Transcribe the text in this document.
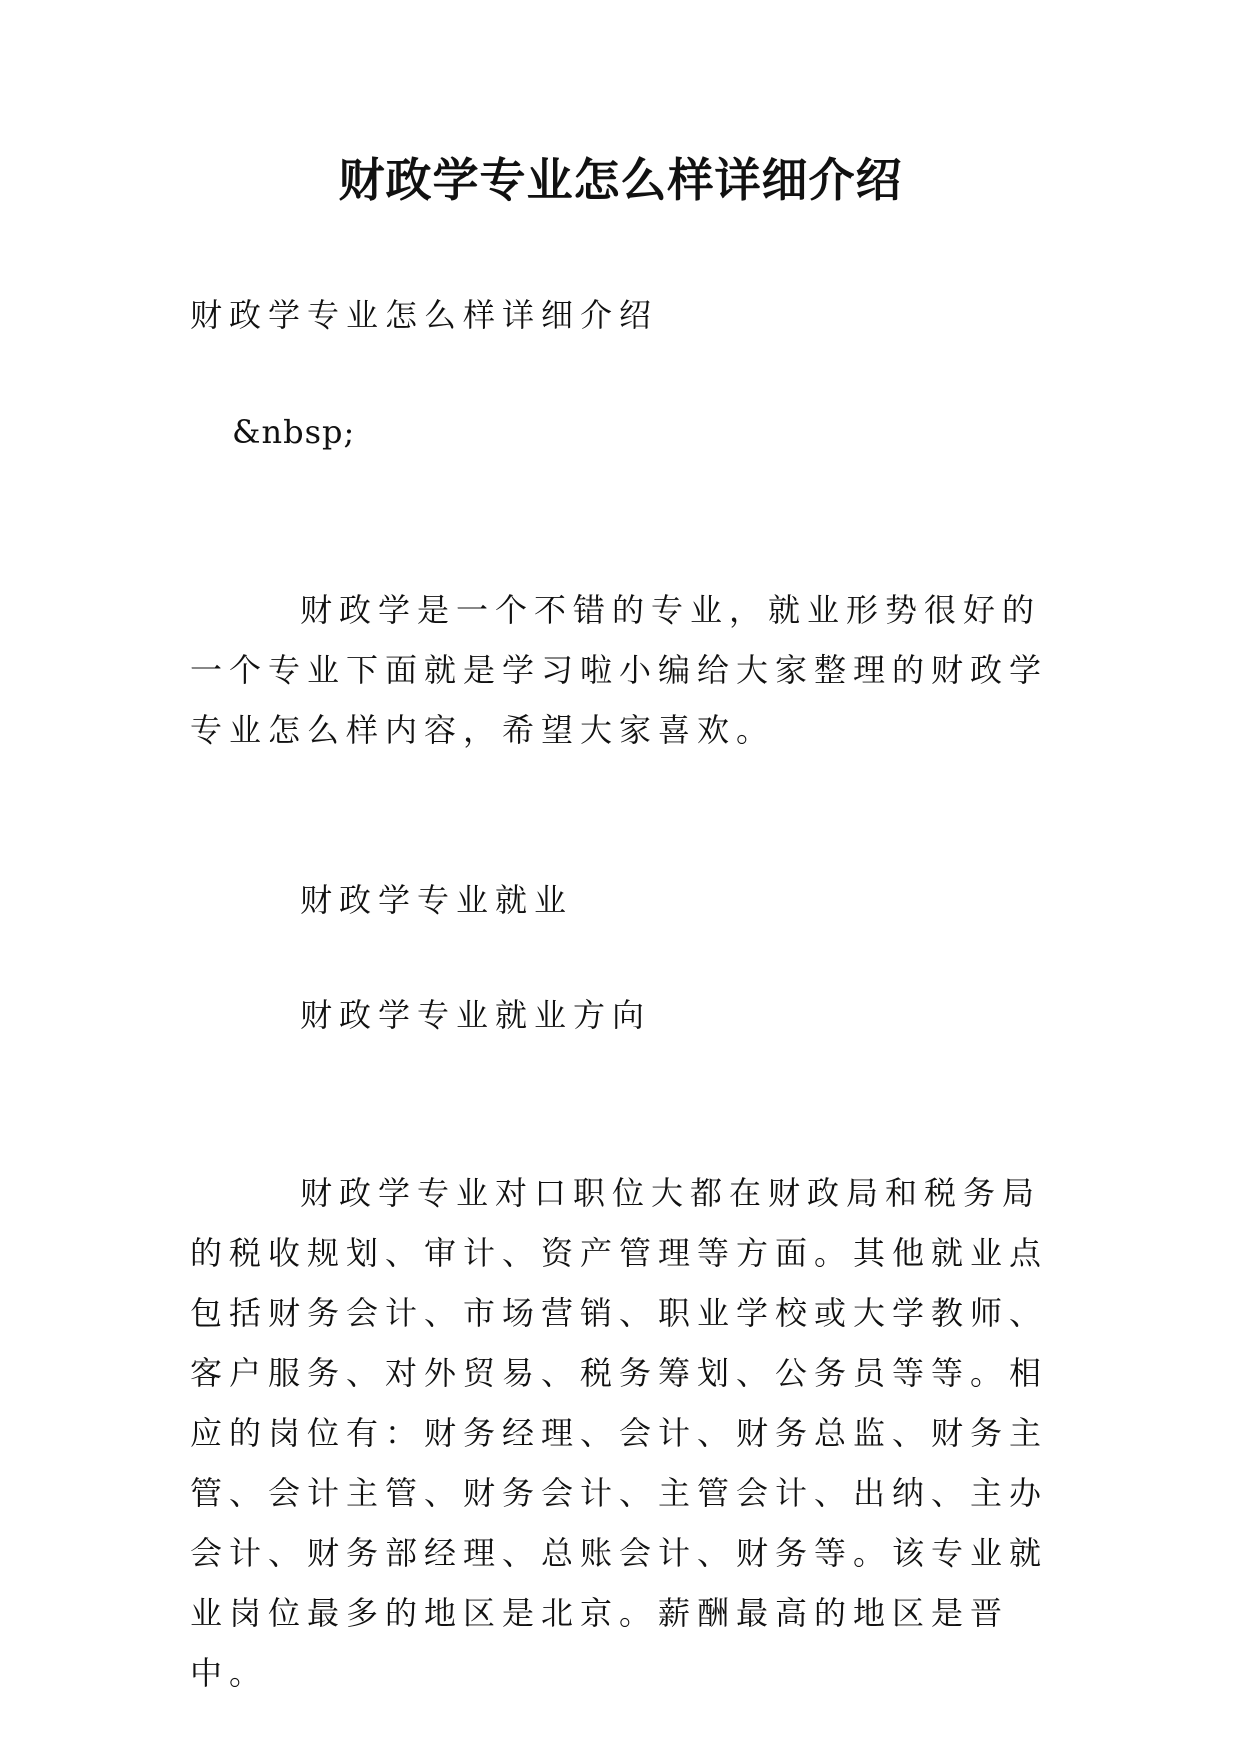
财政学专业怎么样详细介绍

财政学专业怎么样详细介绍

&nbsp;

财政学是一个不错的专业，就业形势很好的一个专业下面就是学习啦小编给大家整理的财政学专业怎么样内容，希望大家喜欢。

财政学专业就业

财政学专业就业方向

财政学专业对口职位大都在财政局和税务局的税收规划、审计、资产管理等方面。其他就业点包括财务会计、市场营销、职业学校或大学教师、客户服务、对外贸易、税务筹划、公务员等等。相应的岗位有：财务经理、会计、财务总监、财务主管、会计主管、财务会计、主管会计、出纳、主办会计、财务部经理、总账会计、财务等。该专业就业岗位最多的地区是北京。薪酬最高的地区是晋中。
